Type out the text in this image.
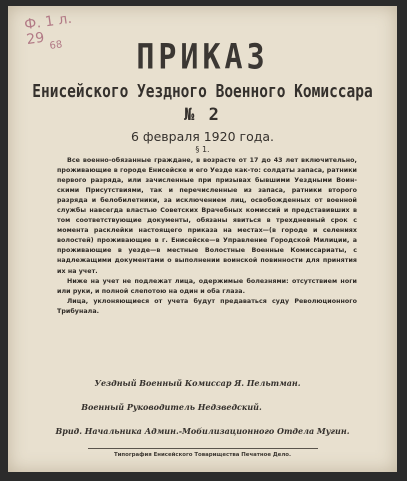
Ф. 1 л. 29 68	ПРИКАЗ
Енисейского Уездного Военного Комиссара
№ 2
6 февраля 1920 года.
§ 1.

Все военно-обязанные граждане, в возрасте от 17 до 43 лет включительно, проживающие в городе Енисейске и его Уезде как-то: солдаты запаса, ратники первого разряда, или зачисленные при призывах бывшими Уездными Воинскими Присутствиями, так и перечисленные из запаса, ратники второго разряда и белобилетники, за исключением лиц, освобожденных от военной службы навсегда властью Советских Врачебных комиссий и представивших в том соответствующие документы, обязаны явиться в трехдневный срок с момента расклейки настоящего приказа на местах—(в городе и селениях волостей) проживающие в г. Енисейске—в Управление Городской Милиции, а проживающие в уезде—в местные Волостные Военные Комиссариаты, с надлежащими документами о выполнении воинской повинности для принятия их на учет.

Ниже на учет не подлежат лица, одержимые болезнями: отсутствием ноги или руки, и полной слепотою на один и оба глаза.

Лица, уклоняющиеся от учета будут предаваться суду Революционного Трибунала.

Уездный Военный Комиссар Я. Пельтман.
Военный Руководитель Недзведский.
Врид. Начальника Админ.-Мобилизационного Отдела Мугин.
Типография Енисейского Товарищества Печатное Дело.
